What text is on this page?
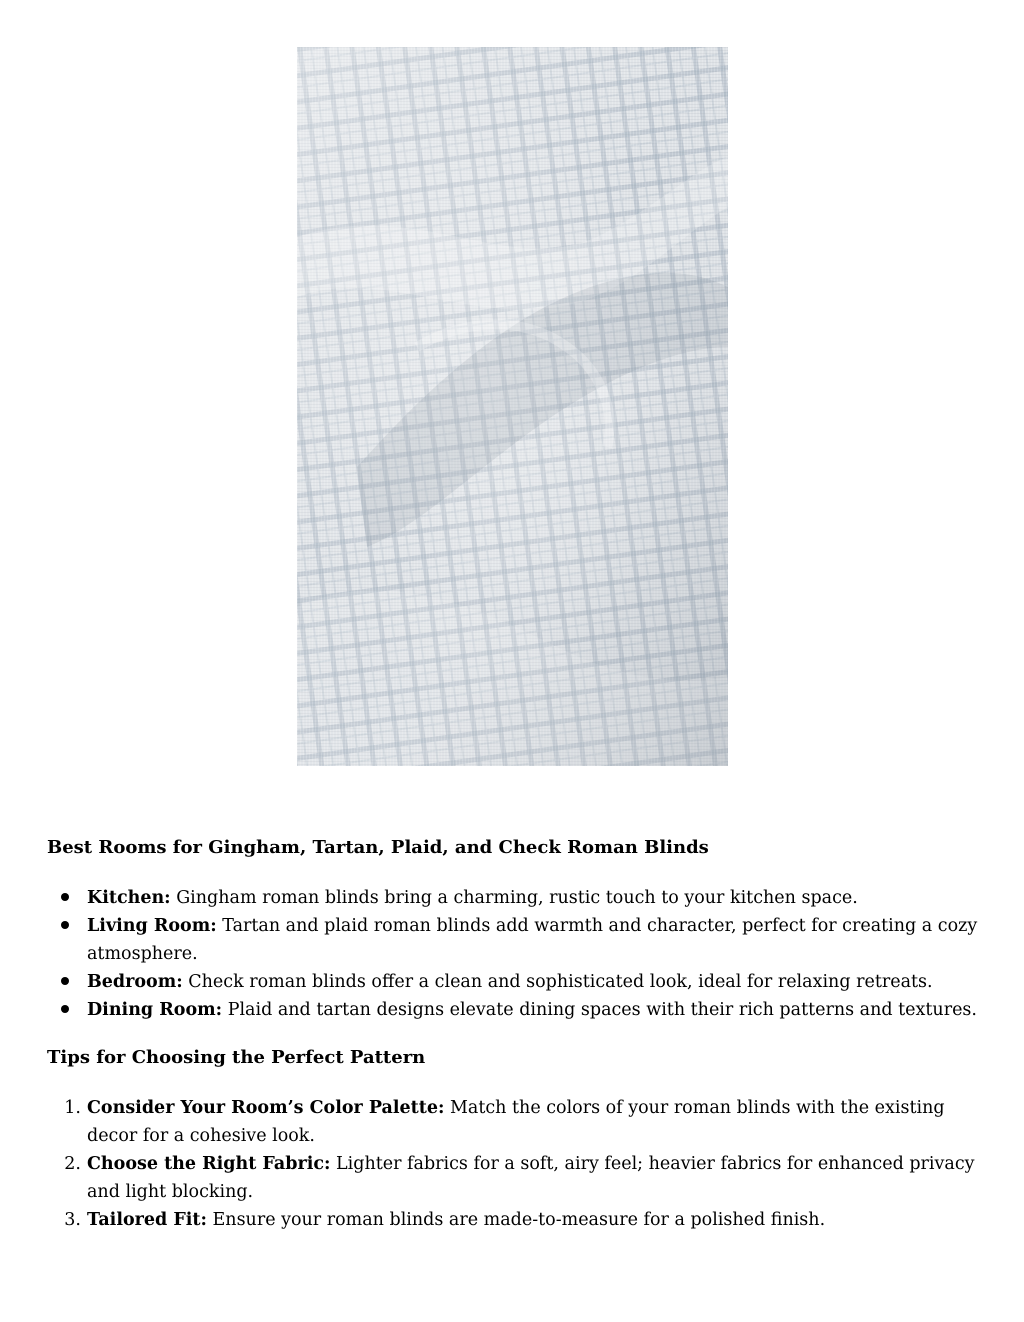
Best Rooms for Gingham, Tartan, Plaid, and Check Roman Blinds
Kitchen: Gingham roman blinds bring a charming, rustic touch to your kitchen space.
Living Room: Tartan and plaid roman blinds add warmth and character, perfect for creating a cozy atmosphere.
Bedroom: Check roman blinds offer a clean and sophisticated look, ideal for relaxing retreats.
Dining Room: Plaid and tartan designs elevate dining spaces with their rich patterns and textures.
Tips for Choosing the Perfect Pattern
1. Consider Your Room’s Color Palette: Match the colors of your roman blinds with the existing decor for a cohesive look.
2. Choose the Right Fabric: Lighter fabrics for a soft, airy feel; heavier fabrics for enhanced privacy and light blocking.
3. Tailored Fit: Ensure your roman blinds are made-to-measure for a polished finish.
